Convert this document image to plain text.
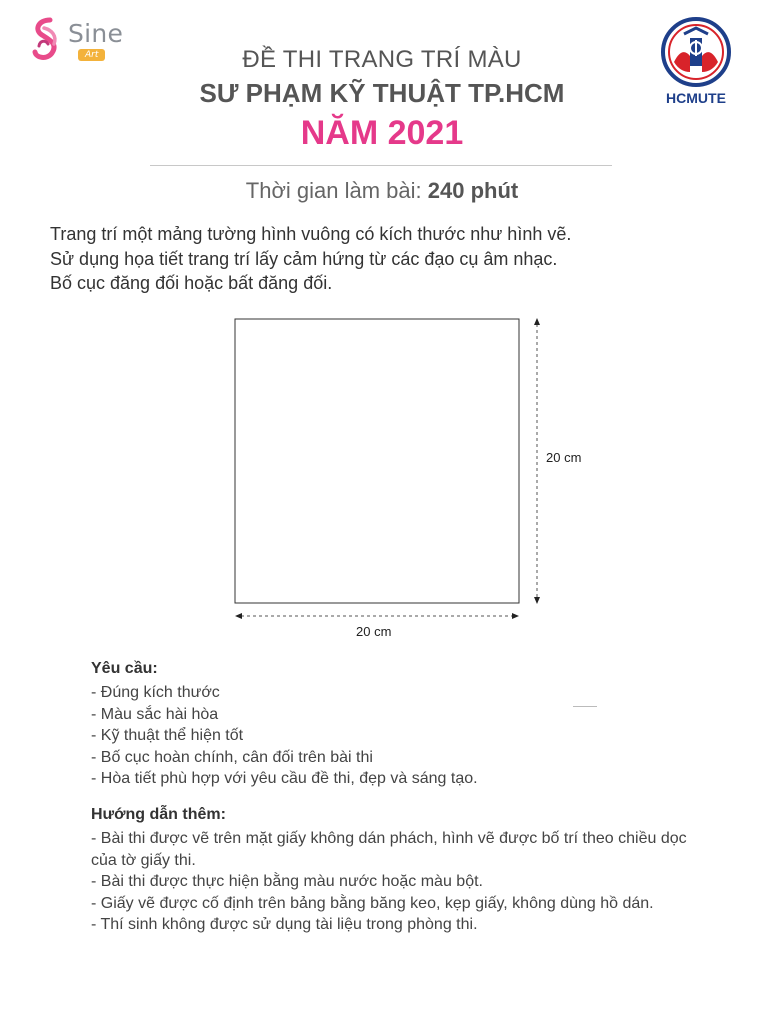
Sine
Art
HCMUTE
ĐỀ THI TRANG TRÍ MÀU
SƯ PHẠM KỸ THUẬT TP.HCM
NĂM 2021
Thời gian làm bài: 240 phút
Trang trí một mảng tường hình vuông có kích thước như hình vẽ.
Sử dụng họa tiết trang trí lấy cảm hứng từ các đạo cụ âm nhạc.
Bố cục đăng đối hoặc bất đăng đối.
20 cm
20 cm
Yêu cầu:
- Đúng kích thước
- Màu sắc hài hòa
- Kỹ thuật thể hiện tốt
- Bố cục hoàn chính, cân đối trên bài thi
- Hòa tiết phù hợp với yêu cầu đề thi, đẹp và sáng tạo.
Hướng dẫn thêm:
- Bài thi được vẽ trên mặt giấy không dán phách, hình vẽ được bố trí theo chiều dọc của tờ giấy thi.
- Bài thi được thực hiện bằng màu nước hoặc màu bột.
- Giấy vẽ được cố định trên bảng bằng băng keo, kẹp giấy, không dùng hồ dán.
- Thí sinh không được sử dụng tài liệu trong phòng thi.
